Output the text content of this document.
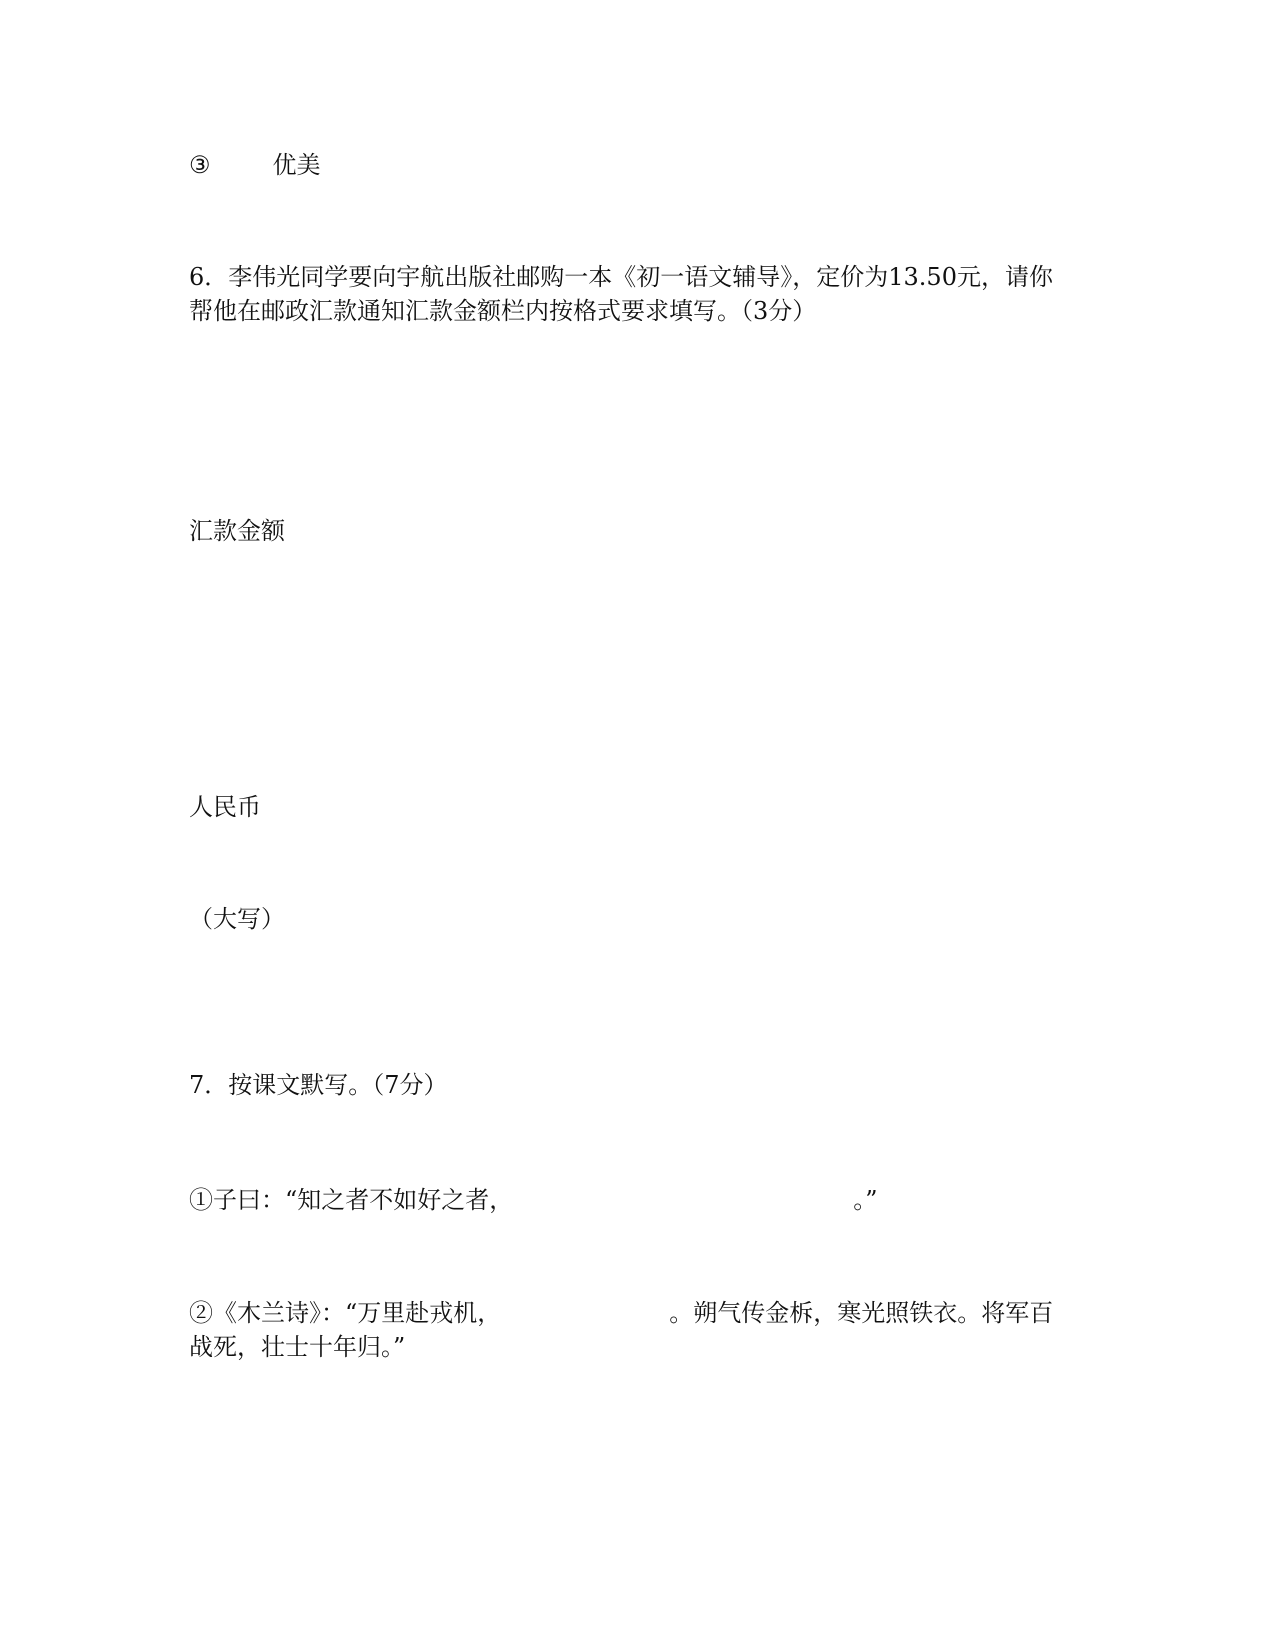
③	优美
6．李伟光同学要向宇航出版社邮购一本《初一语文辅导》，定价为13.50元，请你
帮他在邮政汇款通知汇款金额栏内按格式要求填写。（3分）
汇款金额
人民币
（大写）
7．按课文默写。（7分）
①子曰：“知之者不如好之者，	。”
②《木兰诗》：“万里赴戎机，	。朔气传金柝，寒光照铁衣。将军百
战死，壮士十年归。”
